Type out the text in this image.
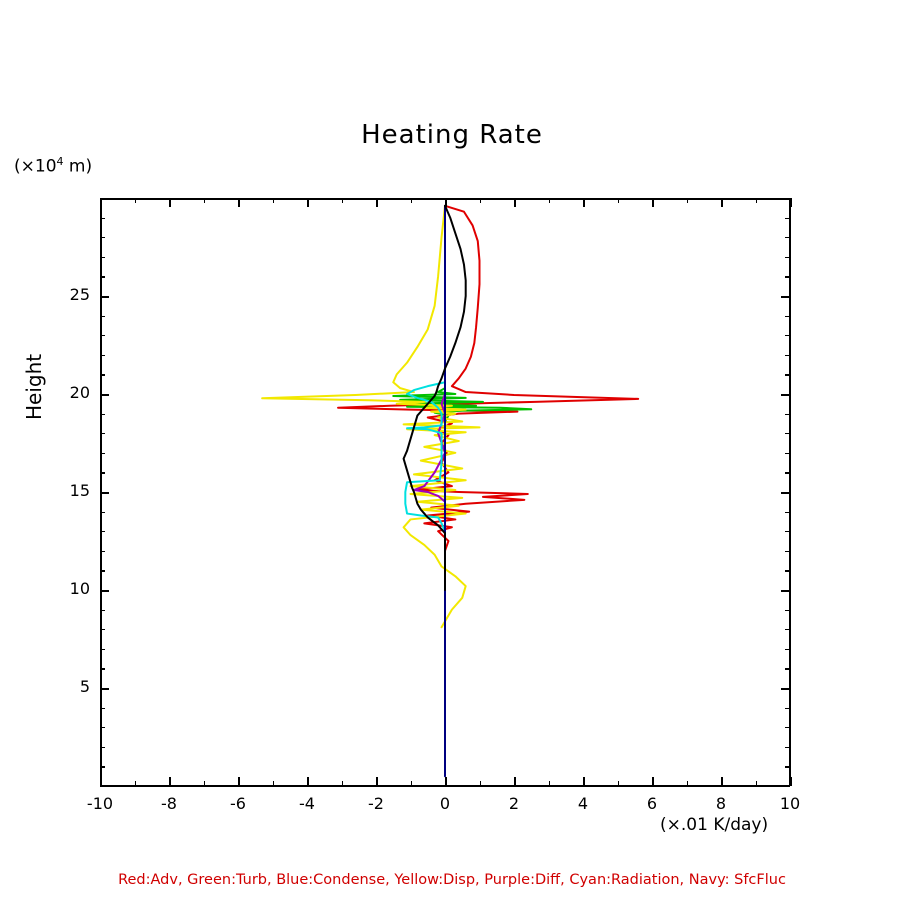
Heating Rate
($\times 10^4$ m)
Height
(×.01 K/day)
-10	-8	-6	-4	-2	0	2	4	6	8	10
5
10
15
20
25
Red:Adv, Green:Turb, Blue:Condense, Yellow:Disp, Purple:Diff, Cyan:Radiation, Navy: SfcFluc
